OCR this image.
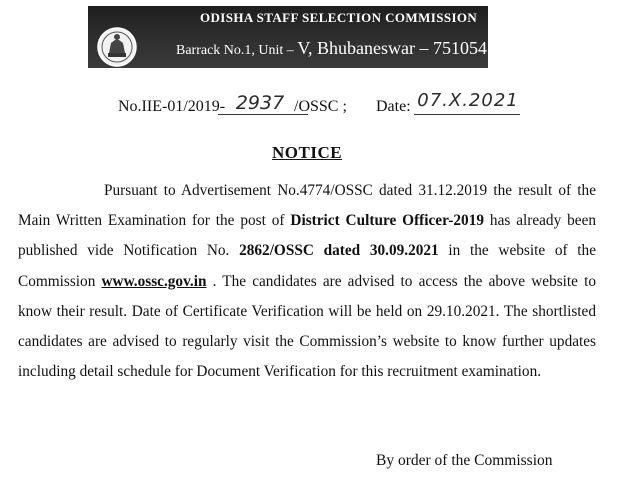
ODISHA STAFF SELECTION COMMISSION
Barrack No.1, Unit – V, Bhubaneswar – 751054
No.IIE-01/2019- 2937 /OSSC ; Date: 07.X.2021
NOTICE

Pursuant to Advertisement No.4774/OSSC dated 31.12.2019 the result of the Main Written Examination for the post of District Culture Officer-2019 has already been published vide Notification No. 2862/OSSC dated 30.09.2021 in the website of the Commission www.ossc.gov.in . The candidates are advised to access the above website to know their result. Date of Certificate Verification will be held on 29.10.2021. The shortlisted candidates are advised to regularly visit the Commission’s website to know further updates including detail schedule for Document Verification for this recruitment examination.

By order of the Commission
